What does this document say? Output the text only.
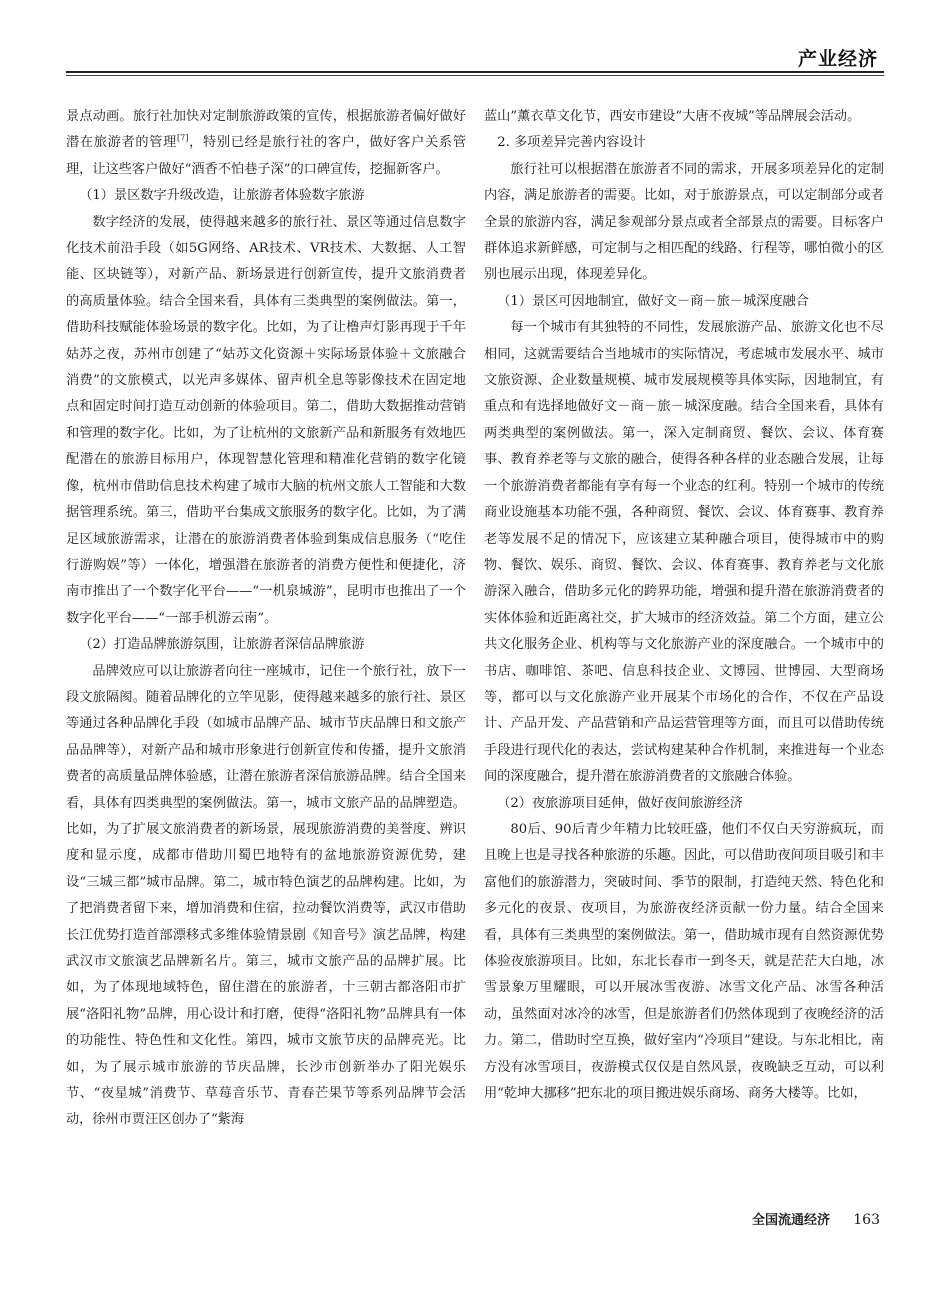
产业经济

景点动画。旅行社加快对定制旅游政策的宣传，根据旅游者偏好做好潜在旅游者的管理[7]，特别已经是旅行社的客户，做好客户关系管理，让这些客户做好“酒香不怕巷子深”的口碑宣传，挖掘新客户。

（1）景区数字升级改造，让旅游者体验数字旅游

数字经济的发展，使得越来越多的旅行社、景区等通过信息数字化技术前沿手段（如5G网络、AR技术、VR技术、大数据、人工智能、区块链等），对新产品、新场景进行创新宣传，提升文旅消费者的高质量体验。结合全国来看，具体有三类典型的案例做法。第一，借助科技赋能体验场景的数字化。比如，为了让橹声灯影再现于千年姑苏之夜，苏州市创建了“姑苏文化资源＋实际场景体验＋文旅融合消费”的文旅模式，以光声多媒体、留声机全息等影像技术在固定地点和固定时间打造互动创新的体验项目。第二，借助大数据推动营销和管理的数字化。比如，为了让杭州的文旅新产品和新服务有效地匹配潜在的旅游目标用户，体现智慧化管理和精准化营销的数字化镜像，杭州市借助信息技术构建了城市大脑的杭州文旅人工智能和大数据管理系统。第三，借助平台集成文旅服务的数字化。比如，为了满足区域旅游需求，让潜在的旅游消费者体验到集成信息服务（“吃住行游购娱”等）一体化，增强潜在旅游者的消费方便性和便捷化，济南市推出了一个数字化平台——“一机泉城游”，昆明市也推出了一个数字化平台——“一部手机游云南”。

（2）打造品牌旅游氛围，让旅游者深信品牌旅游

品牌效应可以让旅游者向往一座城市，记住一个旅行社，放下一段文旅隔阂。随着品牌化的立竿见影，使得越来越多的旅行社、景区等通过各种品牌化手段（如城市品牌产品、城市节庆品牌日和文旅产品品牌等），对新产品和城市形象进行创新宣传和传播，提升文旅消费者的高质量品牌体验感，让潜在旅游者深信旅游品牌。结合全国来看，具体有四类典型的案例做法。第一，城市文旅产品的品牌塑造。比如，为了扩展文旅消费者的新场景，展现旅游消费的美誉度、辨识度和显示度，成都市借助川蜀巴地特有的盆地旅游资源优势，建设“三城三都”城市品牌。第二，城市特色演艺的品牌构建。比如，为了把消费者留下来，增加消费和住宿，拉动餐饮消费等，武汉市借助长江优势打造首部漂移式多维体验情景剧《知音号》演艺品牌，构建武汉市文旅演艺品牌新名片。第三，城市文旅产品的品牌扩展。比如，为了体现地域特色，留住潜在的旅游者，十三朝古都洛阳市扩展“洛阳礼物”品牌，用心设计和打磨，使得“洛阳礼物”品牌具有一体的功能性、特色性和文化性。第四，城市文旅节庆的品牌亮光。比如，为了展示城市旅游的节庆品牌，长沙市创新举办了阳光娱乐节、“夜星城”消费节、草莓音乐节、青春芒果节等系列品牌节会活动，徐州市贾汪区创办了“紫海

蓝山”薰衣草文化节，西安市建设“大唐不夜城”等品牌展会活动。

2. 多项差异完善内容设计

旅行社可以根据潜在旅游者不同的需求，开展多项差异化的定制内容，满足旅游者的需要。比如，对于旅游景点，可以定制部分或者全景的旅游内容，满足参观部分景点或者全部景点的需要。目标客户群体追求新鲜感，可定制与之相匹配的线路、行程等，哪怕微小的区别也展示出现，体现差异化。

（1）景区可因地制宜，做好文－商－旅－城深度融合

每一个城市有其独特的不同性，发展旅游产品、旅游文化也不尽相同，这就需要结合当地城市的实际情况，考虑城市发展水平、城市文旅资源、企业数量规模、城市发展规模等具体实际，因地制宜，有重点和有选择地做好文－商－旅－城深度融。结合全国来看，具体有两类典型的案例做法。第一，深入定制商贸、餐饮、会议、体育赛事、教育养老等与文旅的融合，使得各种各样的业态融合发展，让每一个旅游消费者都能有享有每一个业态的红利。特别一个城市的传统商业设施基本功能不强，各种商贸、餐饮、会议、体育赛事、教育养老等发展不足的情况下，应该建立某种融合项目，使得城市中的购物、餐饮、娱乐、商贸、餐饮、会议、体育赛事、教育养老与文化旅游深入融合，借助多元化的跨界功能，增强和提升潜在旅游消费者的实体体验和近距离社交，扩大城市的经济效益。第二个方面，建立公共文化服务企业、机构等与文化旅游产业的深度融合。一个城市中的书店、咖啡馆、茶吧、信息科技企业、文博园、世博园、大型商场等，都可以与文化旅游产业开展某个市场化的合作，不仅在产品设计、产品开发、产品营销和产品运营管理等方面，而且可以借助传统手段进行现代化的表达，尝试构建某种合作机制，来推进每一个业态间的深度融合，提升潜在旅游消费者的文旅融合体验。

（2）夜旅游项目延伸，做好夜间旅游经济

80后、90后青少年精力比较旺盛，他们不仅白天穷游疯玩，而且晚上也是寻找各种旅游的乐趣。因此，可以借助夜间项目吸引和丰富他们的旅游潜力，突破时间、季节的限制，打造纯天然、特色化和多元化的夜景、夜项目，为旅游夜经济贡献一份力量。结合全国来看，具体有三类典型的案例做法。第一，借助城市现有自然资源优势体验夜旅游项目。比如，东北长春市一到冬天，就是茫茫大白地，冰雪景象万里耀眼，可以开展冰雪夜游、冰雪文化产品、冰雪各种活动，虽然面对冰冷的冰雪，但是旅游者们仍然体现到了夜晚经济的活力。第二，借助时空互换，做好室内“冷项目”建设。与东北相比，南方没有冰雪项目，夜游模式仅仅是自然风景，夜晚缺乏互动，可以利用“乾坤大挪移”把东北的项目搬进娱乐商场、商务大楼等。比如，

全国流通经济 163
